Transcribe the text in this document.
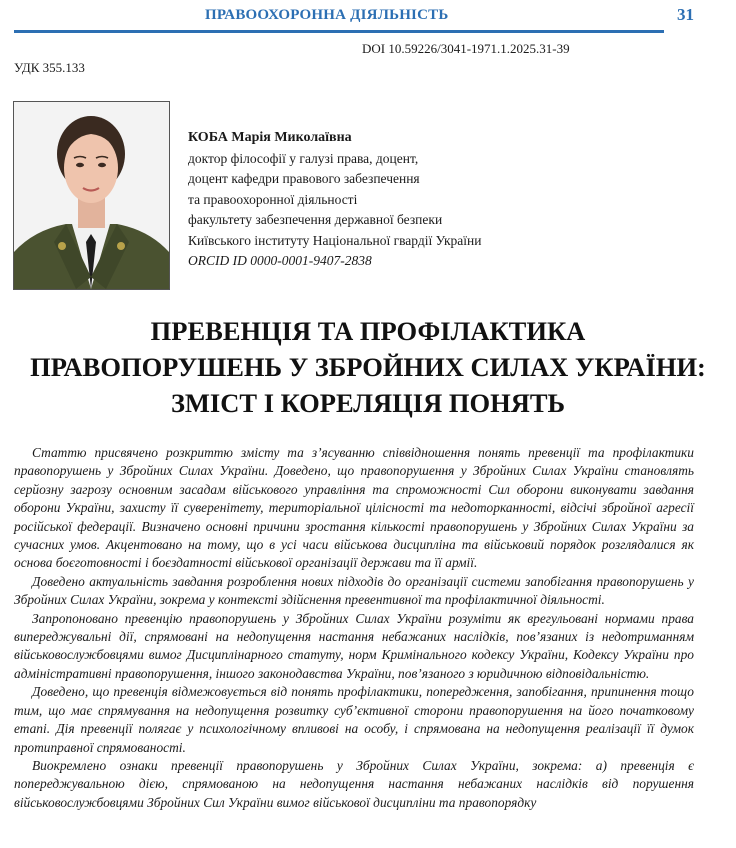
ПРАВООХОРОННА ДІЯЛЬНІСТЬ	31
DOI 10.59226/3041-1971.1.2025.31-39
УДК 355.133
КОБА Марія Миколаївна
доктор філософії у галузі права, доцент,
доцент кафедри правового забезпечення
та правоохоронної діяльності
факультету забезпечення державної безпеки
Київського інституту Національної гвардії України
ORCID ID 0000-0001-9407-2838
ПРЕВЕНЦІЯ ТА ПРОФІЛАКТИКА
ПРАВОПОРУШЕНЬ У ЗБРОЙНИХ СИЛАХ УКРАЇНИ:
ЗМІСТ І КОРЕЛЯЦІЯ ПОНЯТЬ

Статтю присвячено розкриттю змісту та з’ясуванню співвідношення понять превенції та профілактики правопорушень у Збройних Силах України. Доведено, що правопорушення у Збройних Силах України становлять серйозну загрозу основним засадам військового управління та спроможності Сил оборони виконувати завдання оборони України, захисту її суверенітету, територіальної цілісності та недоторканності, відсічі збройної агресії російської федерації. Визначено основні причини зростання кількості правопорушень у Збройних Силах України за сучасних умов. Акцентовано на тому, що в усі часи військова дисципліна та військовий порядок розглядалися як основа боєготовності і боєздатності військової організації держави та її армії.

Доведено актуальність завдання розроблення нових підходів до організації системи запобігання правопорушень у Збройних Силах України, зокрема у контексті здійснення превентивної та профілактичної діяльності.

Запропоновано превенцію правопорушень у Збройних Силах України розуміти як врегульовані нормами права випереджувальні дії, спрямовані на недопущення настання небажаних наслідків, пов’язаних із недотриманням військовослужбовцями вимог Дисциплінарного статуту, норм Кримінального кодексу України, Кодексу України про адміністративні правопорушення, іншого законодавства України, пов’язаного з юридичною відповідальністю.

Доведено, що превенція відмежовується від понять профілактики, попередження, запобігання, припинення тощо тим, що має спрямування на недопущення розвитку суб’єктивної сторони правопорушення на його початковому етапі. Дія превенції полягає у психологічному впливові на особу, і спрямована на недопущення реалізації її думок протиправної спрямованості.

Виокремлено ознаки превенції правопорушень у Збройних Силах України, зокрема: а) превенція є попереджувальною дією, спрямованою на недопущення настання небажаних наслідків від порушення військовослужбовцями Збройних Сил України вимог військової дисципліни та правопорядку
